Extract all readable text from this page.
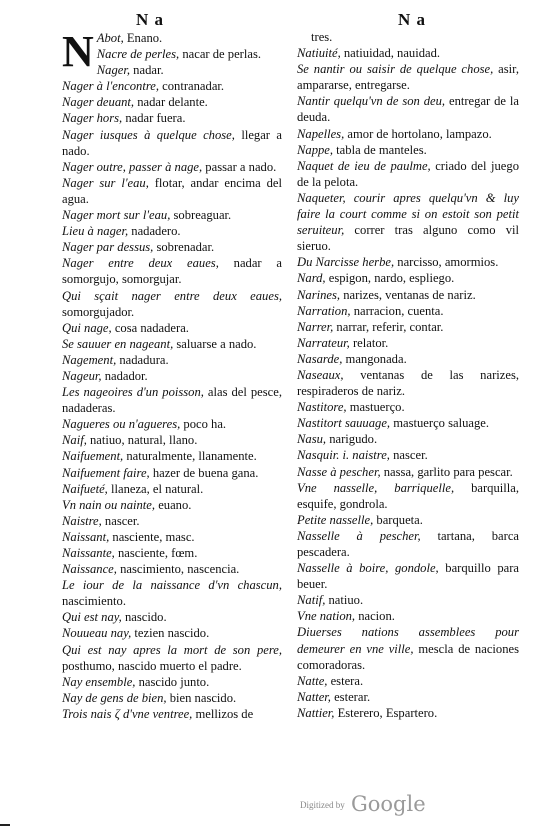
N a	N a

N Abot, Enano.

Nacre de perles, nacar de perlas.

Nager, nadar.

Nager à l'encontre, contranadar.

Nager deuant, nadar delante.

Nager hors, nadar fuera.

Nager iusques à quelque chose, llegar a nado.

Nager outre, passer à nage, passar a nado.

Nager sur l'eau, flotar, andar encima del agua.

Nager mort sur l'eau, sobreaguar.

Lieu à nager, nadadero.

Nager par dessus, sobrenadar.

Nager entre deux eaues, nadar a somorgujo, somorgujar.

Qui sçait nager entre deux eaues, somorgujador.

Qui nage, cosa nadadera.

Se sauuer en nageant, saluarse a nado.

Nagement, nadadura.

Nageur, nadador.

Les nageoires d'un poisson, alas del pesce, nadaderas.

Nagueres ou n'agueres, poco ha.

Naif, natiuo, natural, llano.

Naifuement, naturalmente, llanamente.

Naifuement faire, hazer de buena gana.

Naifueté, llaneza, el natural.

Vn nain ou nainte, euano.

Naistre, nascer.

Naissant, nasciente, masc.

Naissante, nasciente, fœm.

Naissance, nascimiento, nascencia.

Le iour de la naissance d'vn chascun, nascimiento.

Qui est nay, nascido.

Nouueau nay, tezien nascido.

Qui est nay apres la mort de son pere, posthumo, nascido muerto el padre.

Nay ensemble, nascido junto.

Nay de gens de bien, bien nascido.

Trois nais ζ d'vne ventree, mellizos de

tres.

Natiuité, natiuidad, nauidad.

Se nantir ou saisir de quelque chose, asir, ampararse, entregarse.

Nantir quelqu'vn de son deu, entregar de la deuda.

Napelles, amor de hortolano, lampazo.

Nappe, tabla de manteles.

Naquet de ieu de paulme, criado del juego de la pelota.

Naqueter, courir apres quelqu'vn & luy faire la court comme si on estoit son petit seruiteur, correr tras alguno como vil sieruo.

Du Narcisse herbe, narcisso, amormios.

Nard, espigon, nardo, espliego.

Narines, narizes, ventanas de nariz.

Narration, narracion, cuenta.

Narrer, narrar, referir, contar.

Narrateur, relator.

Nasarde, mangonada.

Naseaux, ventanas de las narizes, respiraderos de nariz.

Nastitore, mastuerço.

Nastitort sauuage, mastuerço saluage.

Nasu, narigudo.

Nasquir. i. naistre, nascer.

Nasse à pescher, nassa, garlito para pescar.

Vne nasselle, barriquelle, barquilla, esquife, gondrola.

Petite nasselle, barqueta.

Nasselle à pescher, tartana, barca pescadera.

Nasselle à boire, gondole, barquillo para beuer.

Natif, natiuo.

Vne nation, nacion.

Diuerses nations assemblees pour demeurer en vne ville, mescla de naciones comoradoras.

Natte, estera.

Natter, esterar.

Nattier, Esterero, Espartero.

Digitized by Google
